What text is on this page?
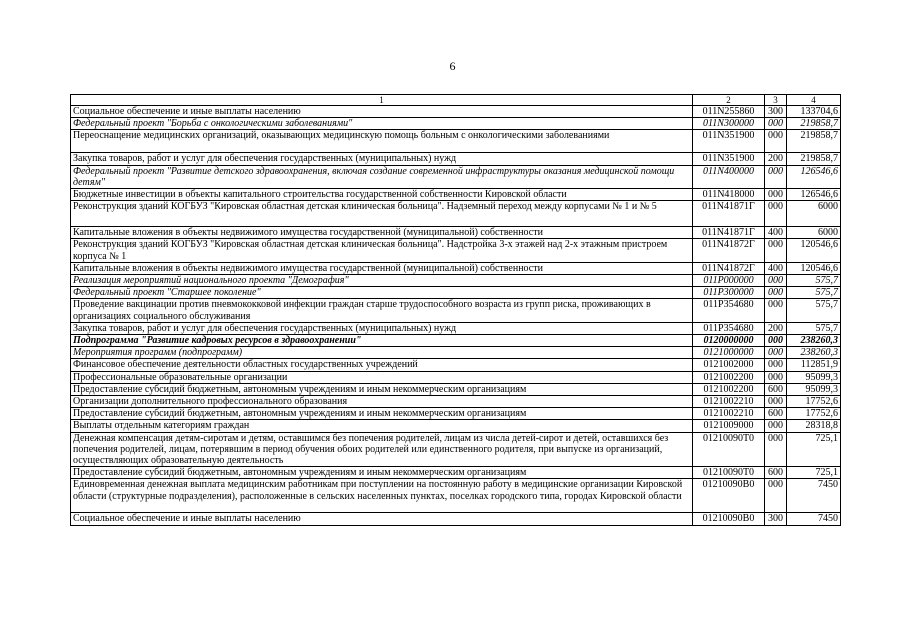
6
1	2	3	4
Социальное обеспечение и иные выплаты населению	011N255860	300	133704,6
Федеральный проект "Борьба с онкологическими заболеваниями"	011N300000	000	219858,7
Переоснащение медицинских организаций, оказывающих медицинскую помощь больным с онкологическими заболеваниями	011N351900	000	219858,7
Закупка товаров, работ и услуг для обеспечения государственных (муниципальных) нужд	011N351900	200	219858,7
Федеральный проект "Развитие детского здравоохранения, включая создание современной инфраструктуры оказания медицинской помощи детям"	011N400000	000	126546,6
Бюджетные инвестиции в объекты капитального строительства государственной собственности Кировской области	011N418000	000	126546,6
Реконструкция зданий КОГБУЗ "Кировская областная детская клиническая больница". Надземный переход между корпусами № 1 и № 5	011N41871Г	000	6000
Капитальные вложения в объекты недвижимого имущества государственной (муниципальной) собственности	011N41871Г	400	6000
Реконструкция зданий КОГБУЗ "Кировская областная детская клиническая больница". Надстройка 3-х этажей над 2-х этажным пристроем корпуса № 1	011N41872Г	000	120546,6
Капитальные вложения в объекты недвижимого имущества государственной (муниципальной) собственности	011N41872Г	400	120546,6
Реализация мероприятий национального проекта "Демография"	011P000000	000	575,7
Федеральный проект "Старшее поколение"	011P300000	000	575,7
Проведение вакцинации против пневмококковой инфекции граждан старше трудоспособного возраста из групп риска, проживающих в организациях социального обслуживания	011P354680	000	575,7
Закупка товаров, работ и услуг для обеспечения государственных (муниципальных) нужд	011P354680	200	575,7
Подпрограмма "Развитие кадровых ресурсов в здравоохранении"	0120000000	000	238260,3
Мероприятия программ (подпрограмм)	0121000000	000	238260,3
Финансовое обеспечение деятельности областных государственных учреждений	0121002000	000	112851,9
Профессиональные образовательные организации	0121002200	000	95099,3
Предоставление субсидий бюджетным, автономным учреждениям и иным некоммерческим организациям	0121002200	600	95099,3
Организации дополнительного профессионального образования	0121002210	000	17752,6
Предоставление субсидий бюджетным, автономным учреждениям и иным некоммерческим организациям	0121002210	600	17752,6
Выплаты отдельным категориям граждан	0121009000	000	28318,8
Денежная компенсация детям-сиротам и детям, оставшимся без попечения родителей, лицам из числа детей-сирот и детей, оставшихся без попечения родителей, лицам, потерявшим в период обучения обоих родителей или единственного родителя, при выпуске из организаций, осуществляющих образовательную деятельность	01210090Т0	000	725,1
Предоставление субсидий бюджетным, автономным учреждениям и иным некоммерческим организациям	01210090Т0	600	725,1
Единовременная денежная выплата медицинским работникам при поступлении на постоянную работу в медицинские организации Кировской области (структурные подразделения), расположенные в сельских населенных пунктах, поселках городского типа, городах Кировской области	01210090В0	000	7450
Социальное обеспечение и иные выплаты населению	01210090В0	300	7450
